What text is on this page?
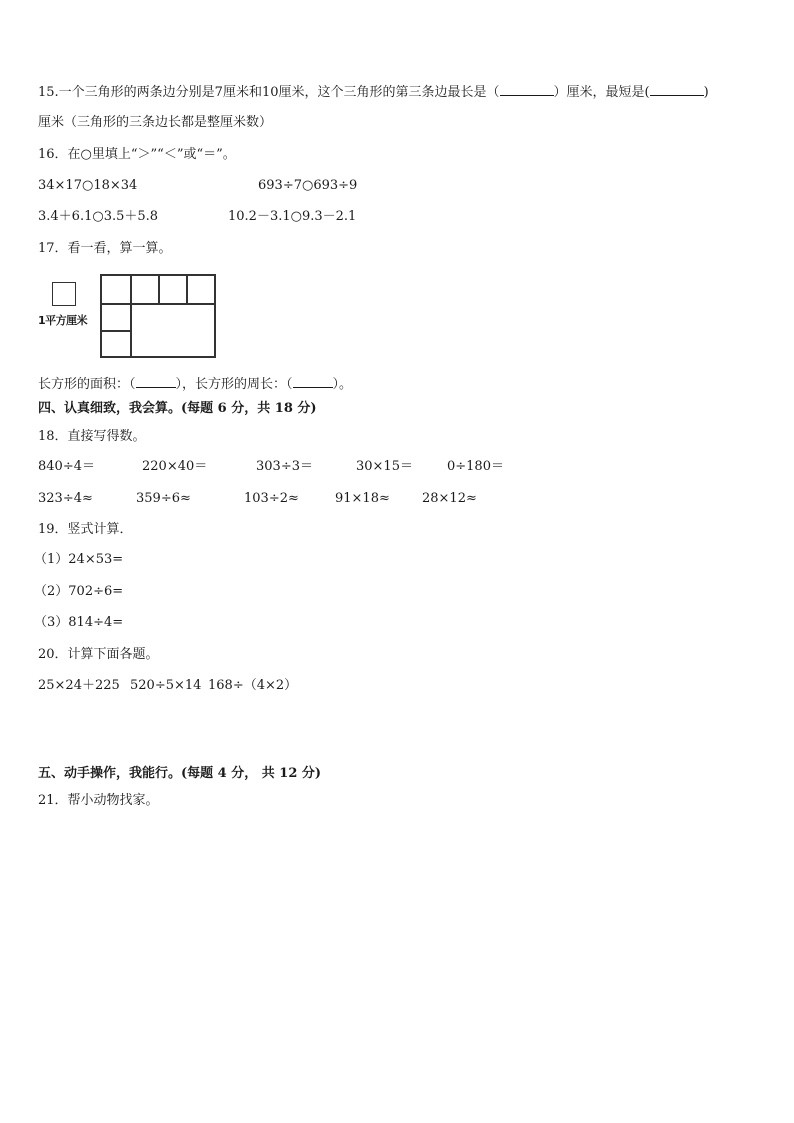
15.一个三角形的两条边分别是7厘米和10厘米，这个三角形的第三条边最长是（	）厘米，最短是(	)
厘米（三角形的三条边长都是整厘米数）
16．在○里填上“＞”“＜”或“＝”。
34×17○18×34	693÷7○693÷9
3.4＋6.1○3.5＋5.8	10.2－3.1○9.3－2.1
17．看一看，算一算。
1平方厘米
长方形的面积：（	），长方形的周长：（	）。
四、认真细致，我会算。(每题 6 分，共 18 分)
18．直接写得数。
840÷4＝	220×40＝	303÷3＝	30×15＝	0÷180＝
323÷4≈	359÷6≈	103÷2≈	91×18≈ 28×12≈
19．竖式计算．
（1）24×53=
（2）702÷6=
（3）814÷4=
20．计算下面各题。
25×24＋225 520÷5×14 168÷（4×2）
五、动手操作，我能行。(每题 4 分， 共 12 分)
21．帮小动物找家。
